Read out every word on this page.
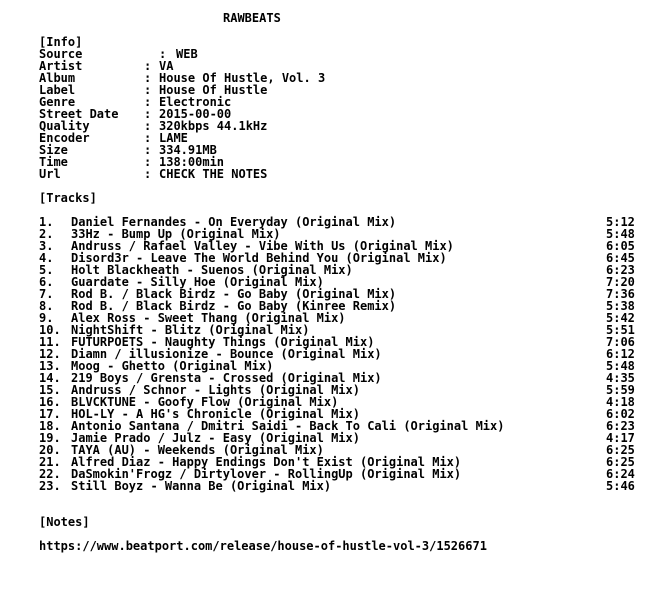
RAWBEATS
[Info]
Source	: WEB
Artist	: VA
Album	: House Of Hustle, Vol. 3
Label	: House Of Hustle
Genre	: Electronic
Street Date : 2015-00-00
Quality	: 320kbps 44.1kHz
Encoder	: LAME
Size	: 334.91MB
Time	: 138:00min
Url	: CHECK THE NOTES
[Tracks]
1. Daniel Fernandes - On Everyday (Original Mix)	5:12
2. 33Hz - Bump Up (Original Mix)	5:48
3. Andruss / Rafael Valley - Vibe With Us (Original Mix)	6:05
4. Disord3r - Leave The World Behind You (Original Mix)	6:45
5. Holt Blackheath - Suenos (Original Mix)	6:23
6. Guardate - Silly Hoe (Original Mix)	7:20
7. Rod B. / Black Birdz - Go Baby (Original Mix)	7:36
8. Rod B. / Black Birdz - Go Baby (Kinree Remix)	5:38
9. Alex Ross - Sweet Thang (Original Mix)	5:42
10. NightShift - Blitz (Original Mix)	5:51
11. FUTURPOETS - Naughty Things (Original Mix)	7:06
12. Diamn / illusionize - Bounce (Original Mix)	6:12
13. Moog - Ghetto (Original Mix)	5:48
14. 219 Boys / Grensta - Crossed (Original Mix)	4:35
15. Andruss / Schnor - Lights (Original Mix)	5:59
16. BLVCKTUNE - Goofy Flow (Original Mix)	4:18
17. HOL-LY - A HG's Chronicle (Original Mix)	6:02
18. Antonio Santana / Dmitri Saidi - Back To Cali (Original Mix)	6:23
19. Jamie Prado / Julz - Easy (Original Mix)	4:17
20. TAYA (AU) - Weekends (Original Mix)	6:25
21. Alfred Diaz - Happy Endings Don't Exist (Original Mix)	6:25
22. DaSmokin'Frogz / Dirtylover - RollingUp (Original Mix)	6:24
23. Still Boyz - Wanna Be (Original Mix)	5:46
[Notes]
https://www.beatport.com/release/house-of-hustle-vol-3/1526671
